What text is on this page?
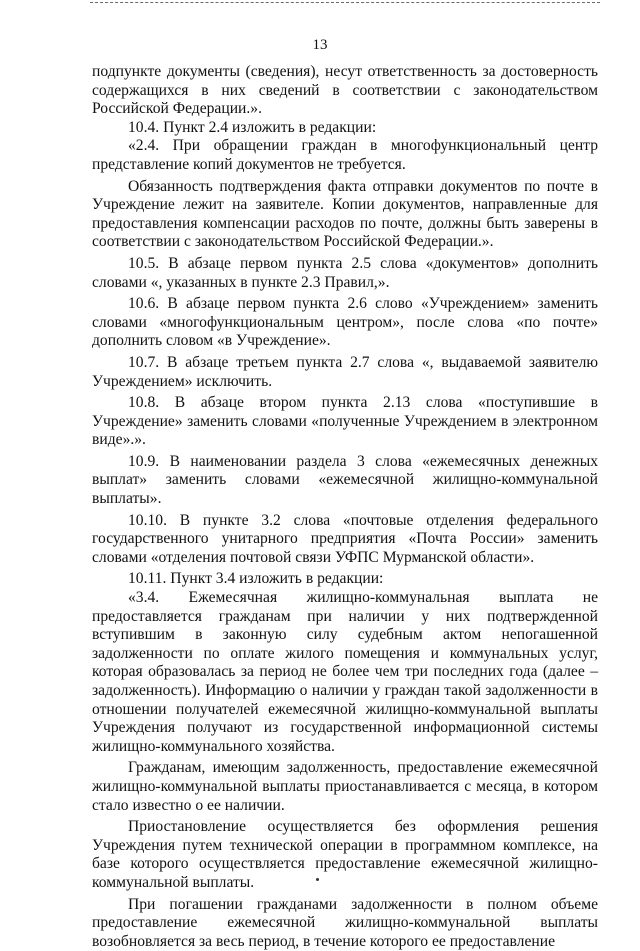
13

подпункте документы (сведения), несут ответственность за достоверность содержащихся в них сведений в соответствии с законодательством Российской Федерации.».

10.4. Пункт 2.4 изложить в редакции:

«2.4. При обращении граждан в многофункциональный центр представление копий документов не требуется.

Обязанность подтверждения факта отправки документов по почте в Учреждение лежит на заявителе. Копии документов, направленные для предоставления компенсации расходов по почте, должны быть заверены в соответствии с законодательством Российской Федерации.».

10.5. В абзаце первом пункта 2.5 слова «документов» дополнить словами «, указанных в пункте 2.3 Правил,».

10.6. В абзаце первом пункта 2.6 слово «Учреждением» заменить словами «многофункциональным центром», после слова «по почте» дополнить словом «в Учреждение».

10.7. В абзаце третьем пункта 2.7 слова «, выдаваемой заявителю Учреждением» исключить.

10.8. В абзаце втором пункта 2.13 слова «поступившие в Учреждение» заменить словами «полученные Учреждением в электронном виде».».

10.9. В наименовании раздела 3 слова «ежемесячных денежных выплат» заменить словами «ежемесячной жилищно-коммунальной выплаты».

10.10. В пункте 3.2 слова «почтовые отделения федерального государственного унитарного предприятия «Почта России» заменить словами «отделения почтовой связи УФПС Мурманской области».

10.11. Пункт 3.4 изложить в редакции:

«3.4. Ежемесячная жилищно-коммунальная выплата не предоставляется гражданам при наличии у них подтвержденной вступившим в законную силу судебным актом непогашенной задолженности по оплате жилого помещения и коммунальных услуг, которая образовалась за период не более чем три последних года (далее – задолженность). Информацию о наличии у граждан такой задолженности в отношении получателей ежемесячной жилищно-коммунальной выплаты Учреждения получают из государственной информационной системы жилищно-коммунального хозяйства.

Гражданам, имеющим задолженность, предоставление ежемесячной жилищно-коммунальной выплаты приостанавливается с месяца, в котором стало известно о ее наличии.

Приостановление осуществляется без оформления решения Учреждения путем технической операции в программном комплексе, на базе которого осуществляется предоставление ежемесячной жилищно-коммунальной выплаты.

При погашении гражданами задолженности в полном объеме предоставление ежемесячной жилищно-коммунальной выплаты возобновляется за весь период, в течение которого ее предоставление
